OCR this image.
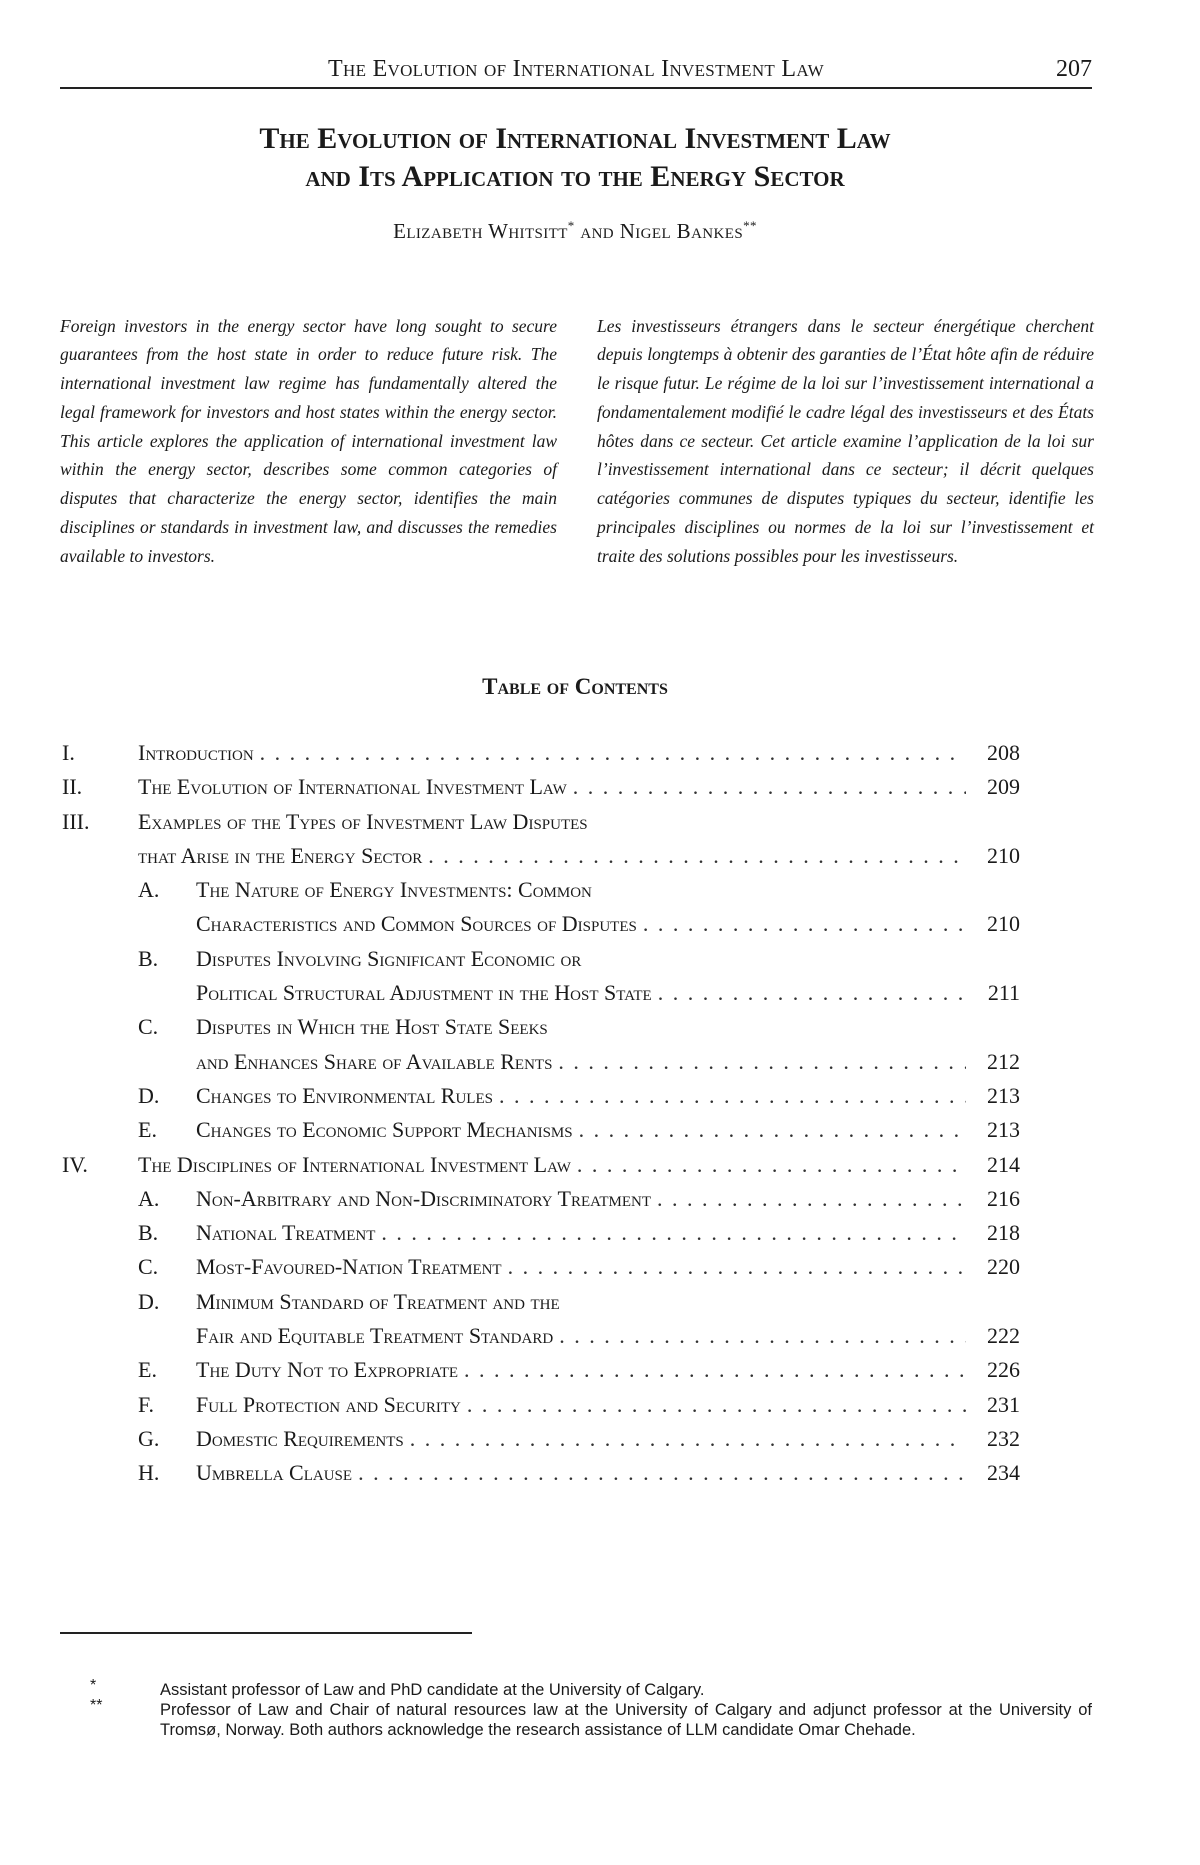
The Evolution of International Investment Law	207
The Evolution of International Investment Law
and Its Application to the Energy Sector
Elizabeth Whitsitt* and Nigel Bankes**

Foreign investors in the energy sector have long sought to secure guarantees from the host state in order to reduce future risk. The international investment law regime has fundamentally altered the legal framework for investors and host states within the energy sector. This article explores the application of international investment law within the energy sector, describes some common categories of disputes that characterize the energy sector, identifies the main disciplines or standards in investment law, and discusses the remedies available to investors.

Les investisseurs étrangers dans le secteur énergétique cherchent depuis longtemps à obtenir des garanties de l’État hôte afin de réduire le risque futur. Le régime de la loi sur l’investissement international a fondamentalement modifié le cadre légal des investisseurs et des États hôtes dans ce secteur. Cet article examine l’application de la loi sur l’investissement international dans ce secteur; il décrit quelques catégories communes de disputes typiques du secteur, identifie les principales disciplines ou normes de la loi sur l’investissement et traite des solutions possibles pour les investisseurs.

Table of Contents
I.	Introduction . . .	208
II.	The Evolution of International Investment Law . . .	209
III.	Examples of the Types of Investment Law Disputes
that Arise in the Energy Sector . . .	210
A.	The Nature of Energy Investments: Common
Characteristics and Common Sources of Disputes . . .	210
B.	Disputes Involving Significant Economic or
Political Structural Adjustment in the Host State . . .	211
C.	Disputes in Which the Host State Seeks
and Enhances Share of Available Rents . . .	212
D.	Changes to Environmental Rules . . .	213
E.	Changes to Economic Support Mechanisms . . .	213
IV.	The Disciplines of International Investment Law . . .	214
A.	Non-Arbitrary and Non-Discriminatory Treatment . . .	216
B.	National Treatment . . .	218
C.	Most-Favoured-Nation Treatment . . .	220
D.	Minimum Standard of Treatment and the
Fair and Equitable Treatment Standard . . .	222
E.	The Duty Not to Expropriate . . .	226
F.	Full Protection and Security . . .	231
G.	Domestic Requirements . . .	232
H.	Umbrella Clause . . .	234
*	Assistant professor of Law and PhD candidate at the University of Calgary.
**	Professor of Law and Chair of natural resources law at the University of Calgary and adjunct professor at the University of Tromsø, Norway. Both authors acknowledge the research assistance of LLM candidate Omar Chehade.
